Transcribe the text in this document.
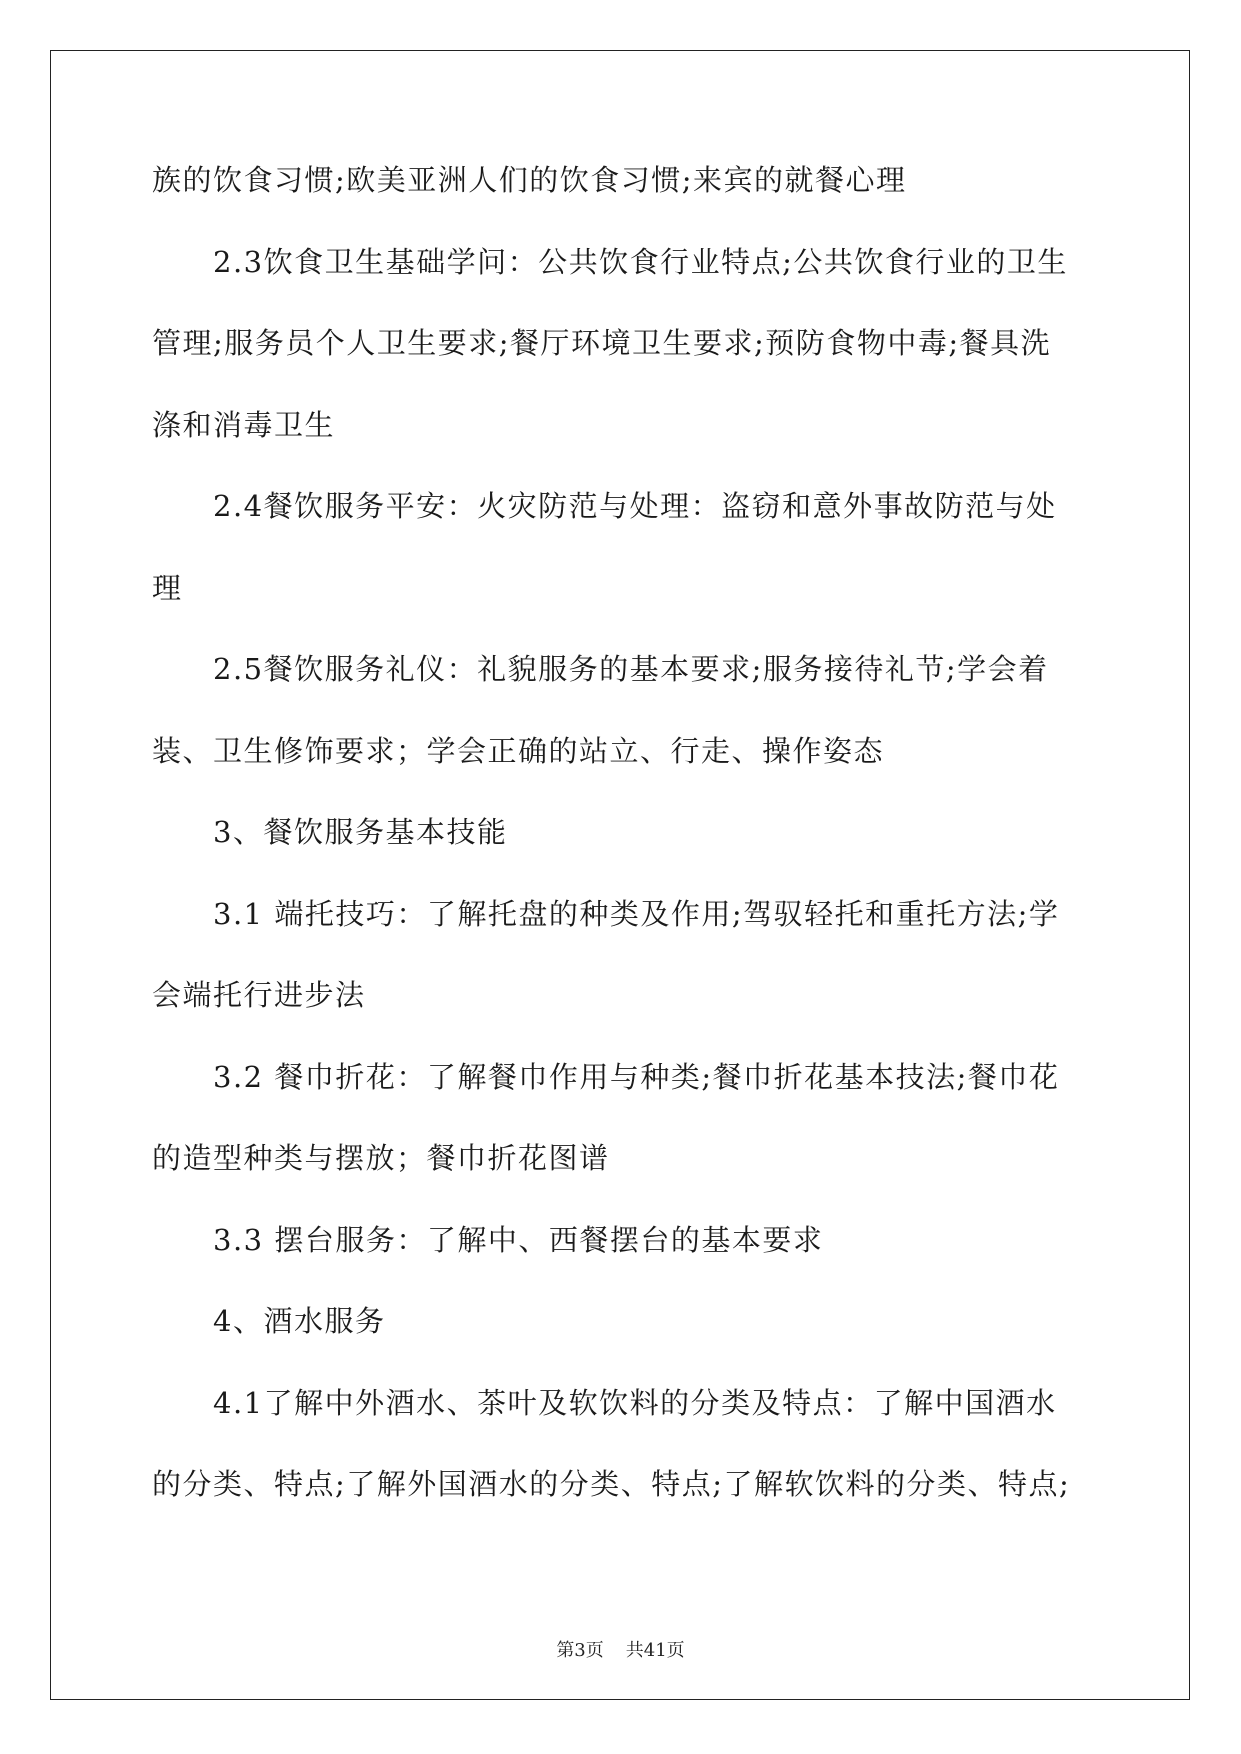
族的饮食习惯;欧美亚洲人们的饮食习惯;来宾的就餐心理
　　2.3饮食卫生基础学问：公共饮食行业特点;公共饮食行业的卫生
管理;服务员个人卫生要求;餐厅环境卫生要求;预防食物中毒;餐具洗
涤和消毒卫生
　　2.4餐饮服务平安：火灾防范与处理：盗窃和意外事故防范与处
理
　　2.5餐饮服务礼仪：礼貌服务的基本要求;服务接待礼节;学会着
装、卫生修饰要求；学会正确的站立、行走、操作姿态
　　3、餐饮服务基本技能
　　3.1 端托技巧：了解托盘的种类及作用;驾驭轻托和重托方法;学
会端托行进步法
　　3.2 餐巾折花：了解餐巾作用与种类;餐巾折花基本技法;餐巾花
的造型种类与摆放；餐巾折花图谱
　　3.3 摆台服务：了解中、西餐摆台的基本要求
　　4、酒水服务
　　4.1了解中外酒水、茶叶及软饮料的分类及特点：了解中国酒水
的分类、特点;了解外国酒水的分类、特点;了解软饮料的分类、特点;
第3页 共41页
